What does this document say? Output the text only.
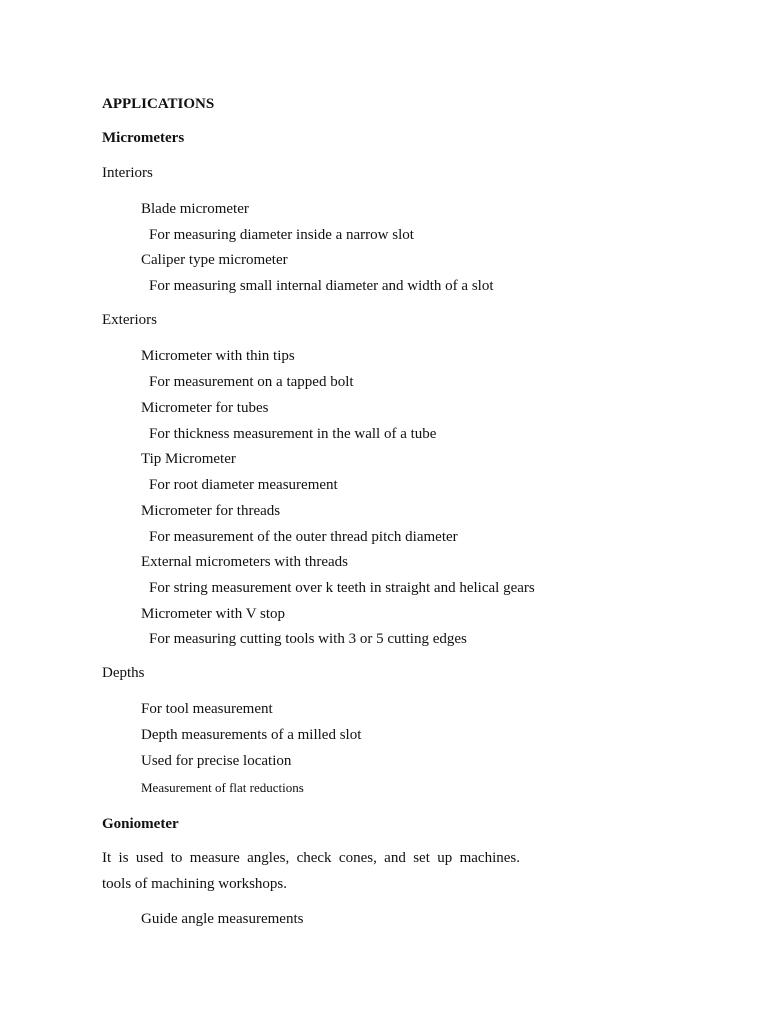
APPLICATIONS
Micrometers
Interiors
Blade micrometer
For measuring diameter inside a narrow slot
Caliper type micrometer
For measuring small internal diameter and width of a slot
Exteriors
Micrometer with thin tips
For measurement on a tapped bolt
Micrometer for tubes
For thickness measurement in the wall of a tube
Tip Micrometer
For root diameter measurement
Micrometer for threads
For measurement of the outer thread pitch diameter
External micrometers with threads
For string measurement over k teeth in straight and helical gears
Micrometer with V stop
For measuring cutting tools with 3 or 5 cutting edges
Depths
For tool measurement
Depth measurements of a milled slot
Used for precise location
Measurement of flat reductions
Goniometer
It is used to measure angles, check cones, and set up machines.
tools of machining workshops.
Guide angle measurements
